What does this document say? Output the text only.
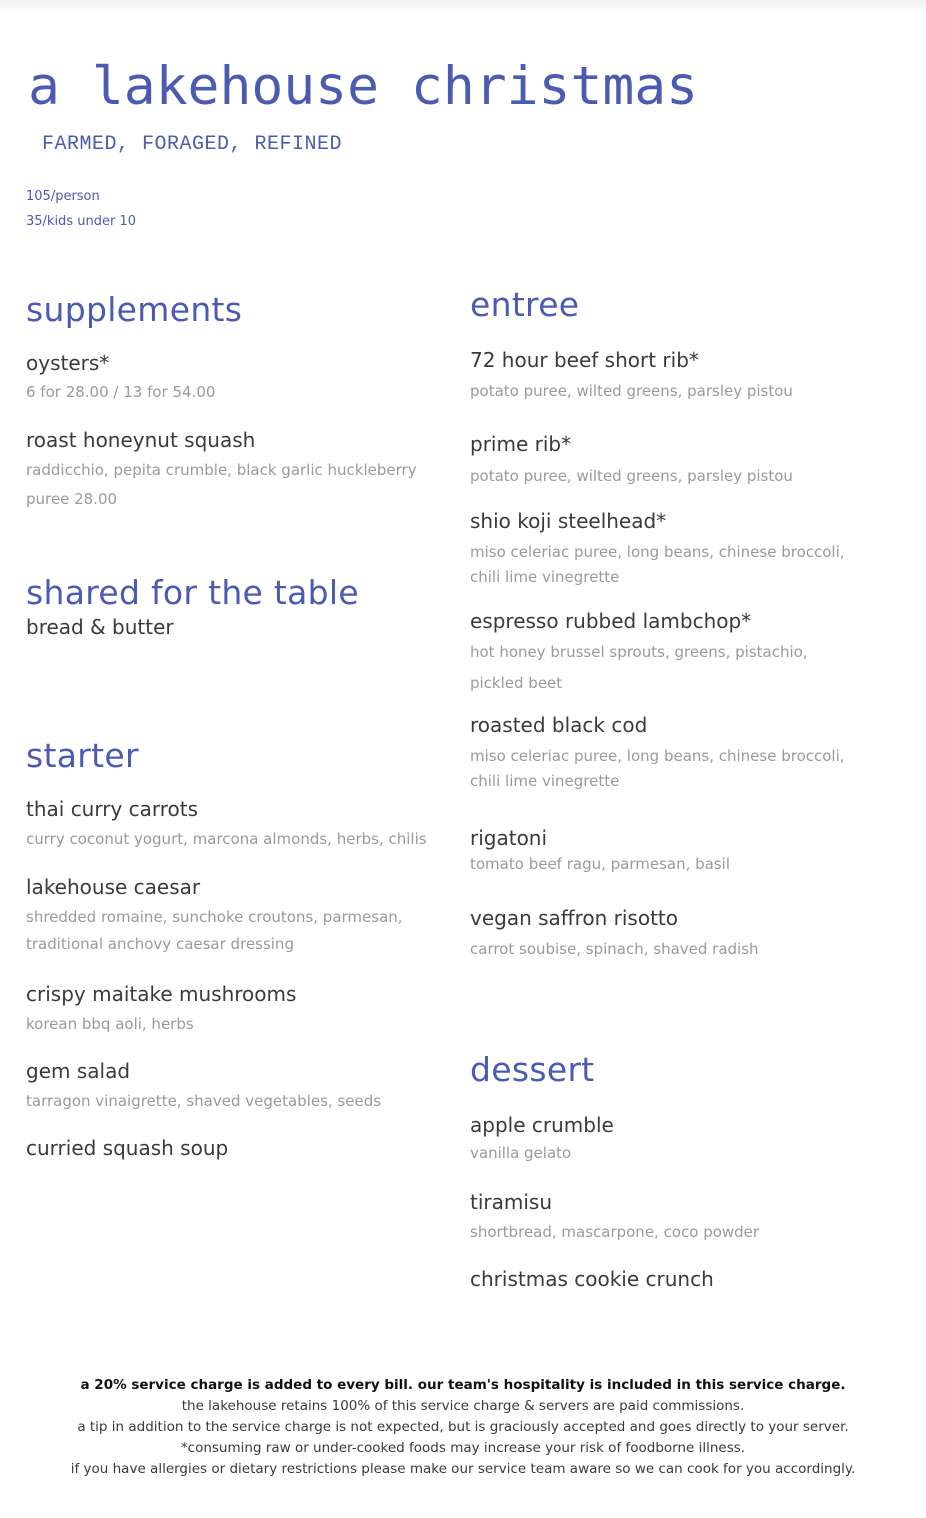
a lakehouse christmas
FARMED, FORAGED, REFINED
105/person
35/kids under 10
supplements
oysters*
6 for 28.00 / 13 for 54.00
roast honeynut squash
raddicchio, pepita crumble, black garlic huckleberry puree 28.00
shared for the table
bread & butter
starter
thai curry carrots
curry coconut yogurt, marcona almonds, herbs, chilis
lakehouse caesar
shredded romaine, sunchoke croutons, parmesan, traditional anchovy caesar dressing
crispy maitake mushrooms
korean bbq aoli, herbs
gem salad
tarragon vinaigrette, shaved vegetables, seeds
curried squash soup
entree
72 hour beef short rib*
potato puree, wilted greens, parsley pistou
prime rib*
potato puree, wilted greens, parsley pistou
shio koji steelhead*
miso celeriac puree, long beans, chinese broccoli, chili lime vinegrette
espresso rubbed lambchop*
hot honey brussel sprouts, greens, pistachio, pickled beet
roasted black cod
miso celeriac puree, long beans, chinese broccoli, chili lime vinegrette
rigatoni
tomato beef ragu, parmesan, basil
vegan saffron risotto
carrot soubise, spinach, shaved radish
dessert
apple crumble
vanilla gelato
tiramisu
shortbread, mascarpone, coco powder
christmas cookie crunch
a 20% service charge is added to every bill. our team's hospitality is included in this service charge.
the lakehouse retains 100% of this service charge & servers are paid commissions.
a tip in addition to the service charge is not expected, but is graciously accepted and goes directly to your server.
*consuming raw or under-cooked foods may increase your risk of foodborne illness.
if you have allergies or dietary restrictions please make our service team aware so we can cook for you accordingly.
